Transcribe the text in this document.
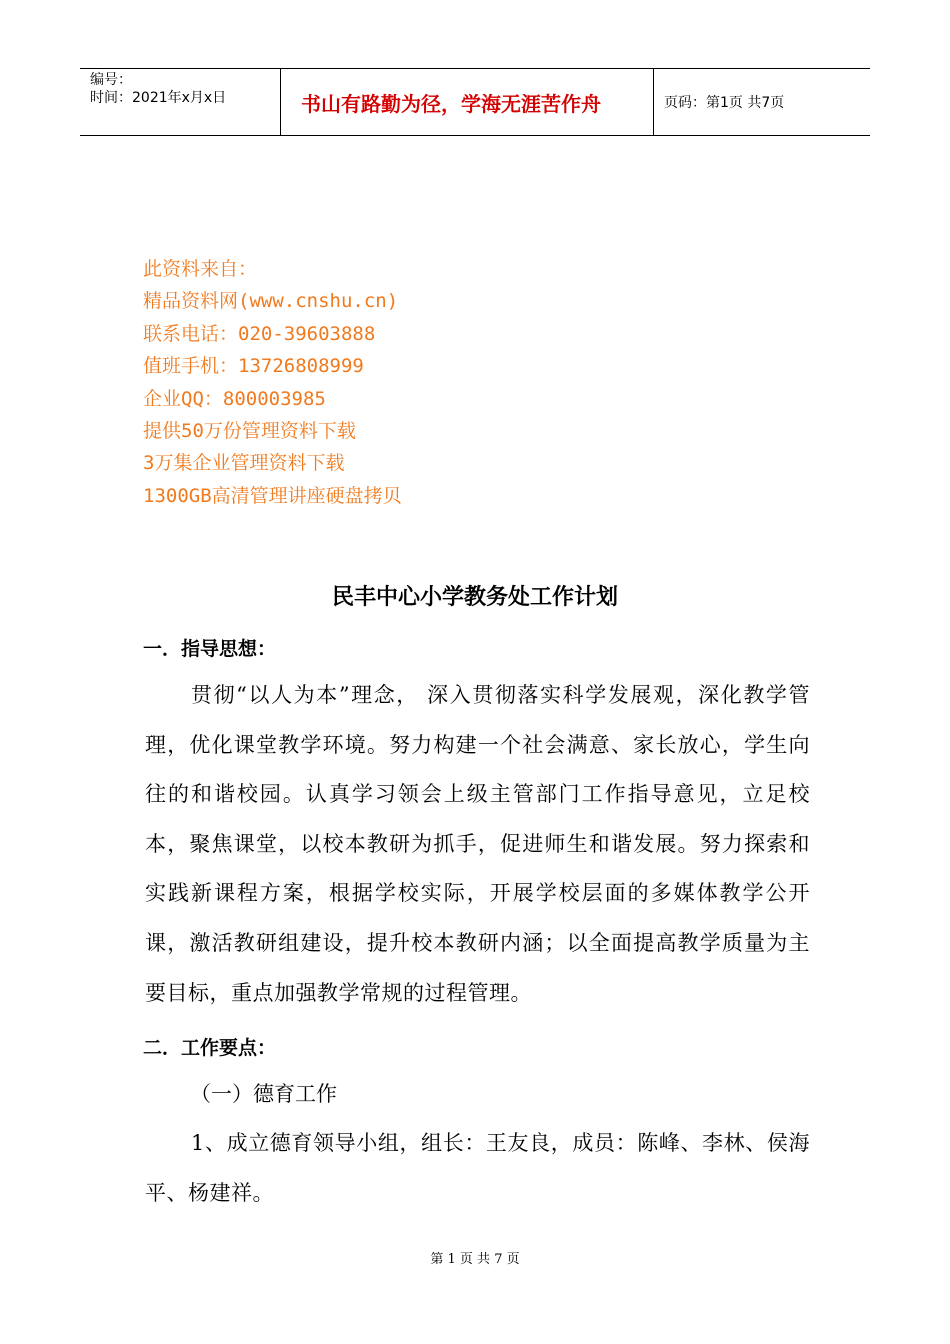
编号：
时间：2021年x月x日	书山有路勤为径，学海无涯苦作舟	页码：第1页 共7页
此资料来自：
精品资料网(www.cnshu.cn)
联系电话：020-39603888
值班手机：13726808999
企业QQ：800003985
提供50万份管理资料下载
3万集企业管理资料下载
1300GB高清管理讲座硬盘拷贝
民丰中心小学教务处工作计划
一．指导思想：

贯彻“以人为本”理念， 深入贯彻落实科学发展观，深化教学管理，优化课堂教学环境。努力构建一个社会满意、家长放心，学生向往的和谐校园。认真学习领会上级主管部门工作指导意见，立足校本，聚焦课堂，以校本教研为抓手，促进师生和谐发展。努力探索和实践新课程方案，根据学校实际，开展学校层面的多媒体教学公开课，激活教研组建设，提升校本教研内涵；以全面提高教学质量为主要目标，重点加强教学常规的过程管理。

二．工作要点：
（一）德育工作

1、成立德育领导小组，组长：王友良，成员：陈峰、李林、侯海平、杨建祥。

第 1 页 共 7 页
